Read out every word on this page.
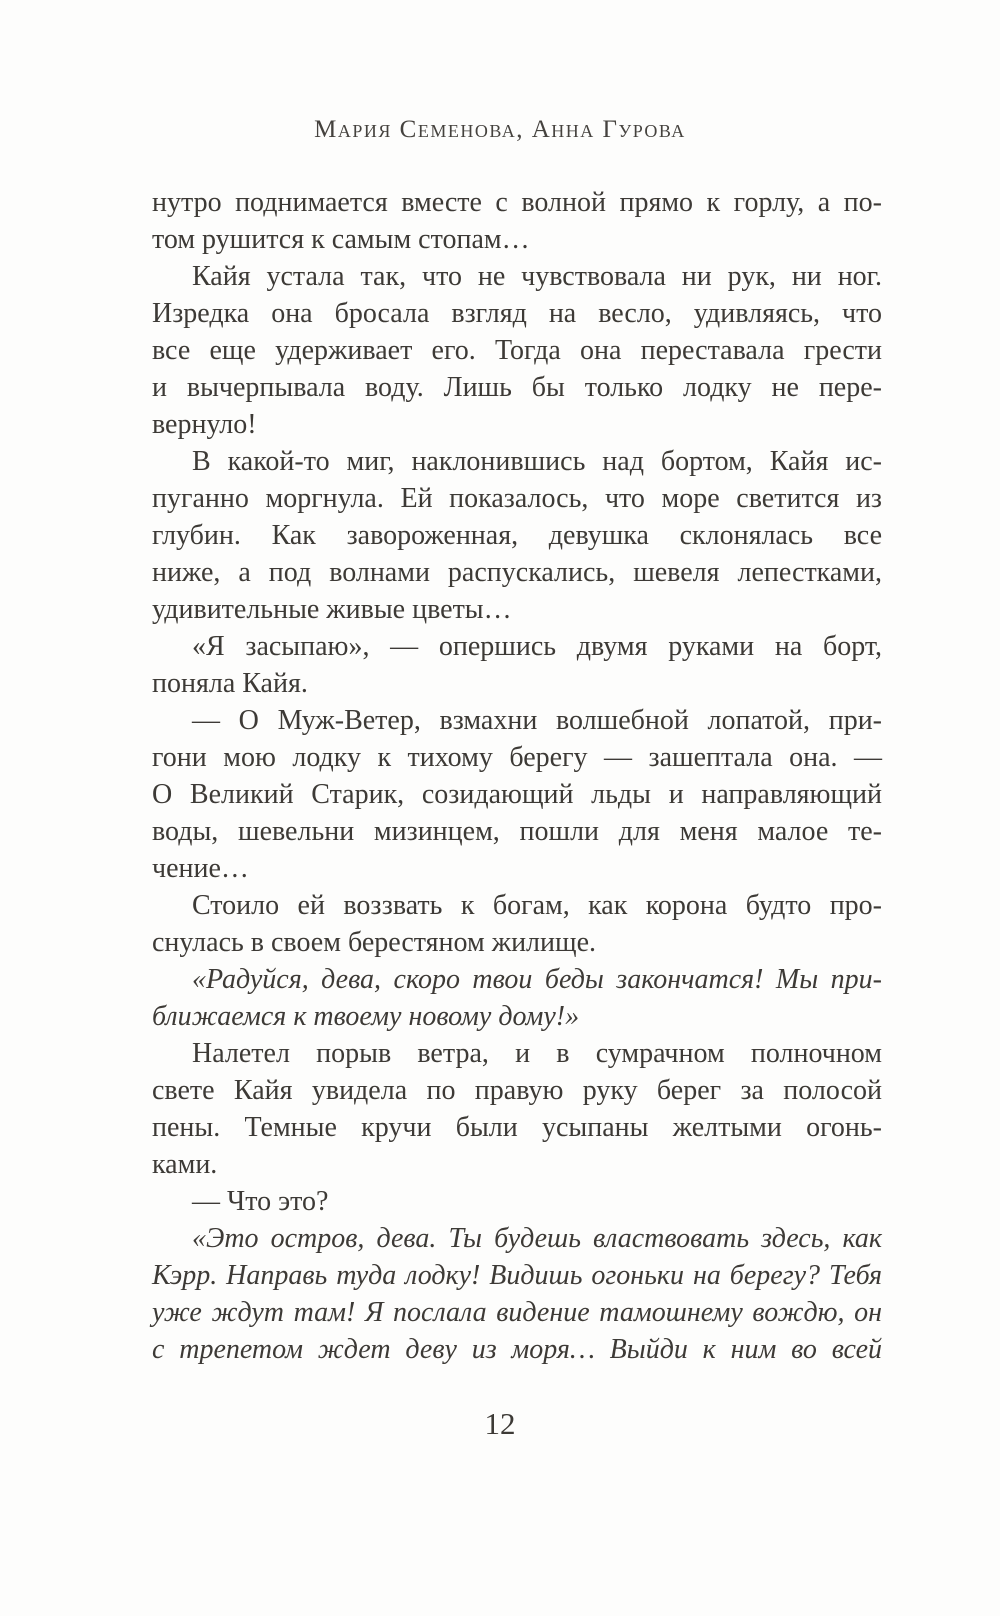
Мария Семенова, Анна Гурова
нутро поднимается вместе с волной прямо к горлу, а по-
том рушится к самым стопам…
Кайя устала так, что не чувствовала ни рук, ни ног.
Изредка она бросала взгляд на весло, удивляясь, что
все еще удерживает его. Тогда она переставала грести
и вычерпывала воду. Лишь бы только лодку не пере-
вернуло!
В какой-то миг, наклонившись над бортом, Кайя ис-
пуганно моргнула. Ей показалось, что море светится из
глубин. Как завороженная, девушка склонялась все
ниже, а под волнами распускались, шевеля лепестками,
удивительные живые цветы…
«Я засыпаю», — опершись двумя руками на борт,
поняла Кайя.
— О Муж-Ветер, взмахни волшебной лопатой, при-
гони мою лодку к тихому берегу — зашептала она. —
О Великий Старик, созидающий льды и направляющий
воды, шевельни мизинцем, пошли для меня малое те-
чение…
Стоило ей воззвать к богам, как корона будто про-
снулась в своем берестяном жилище.
«Радуйся, дева, скоро твои беды закончатся! Мы при-
ближаемся к твоему новому дому!»
Налетел порыв ветра, и в сумрачном полночном
свете Кайя увидела по правую руку берег за полосой
пены. Темные кручи были усыпаны желтыми огонь-
ками.
— Что это?
«Это остров, дева. Ты будешь властвовать здесь, как
Кэрр. Направь туда лодку! Видишь огоньки на берегу? Тебя
уже ждут там! Я послала видение тамошнему вождю, он
с трепетом ждет деву из моря… Выйди к ним во всей
12
